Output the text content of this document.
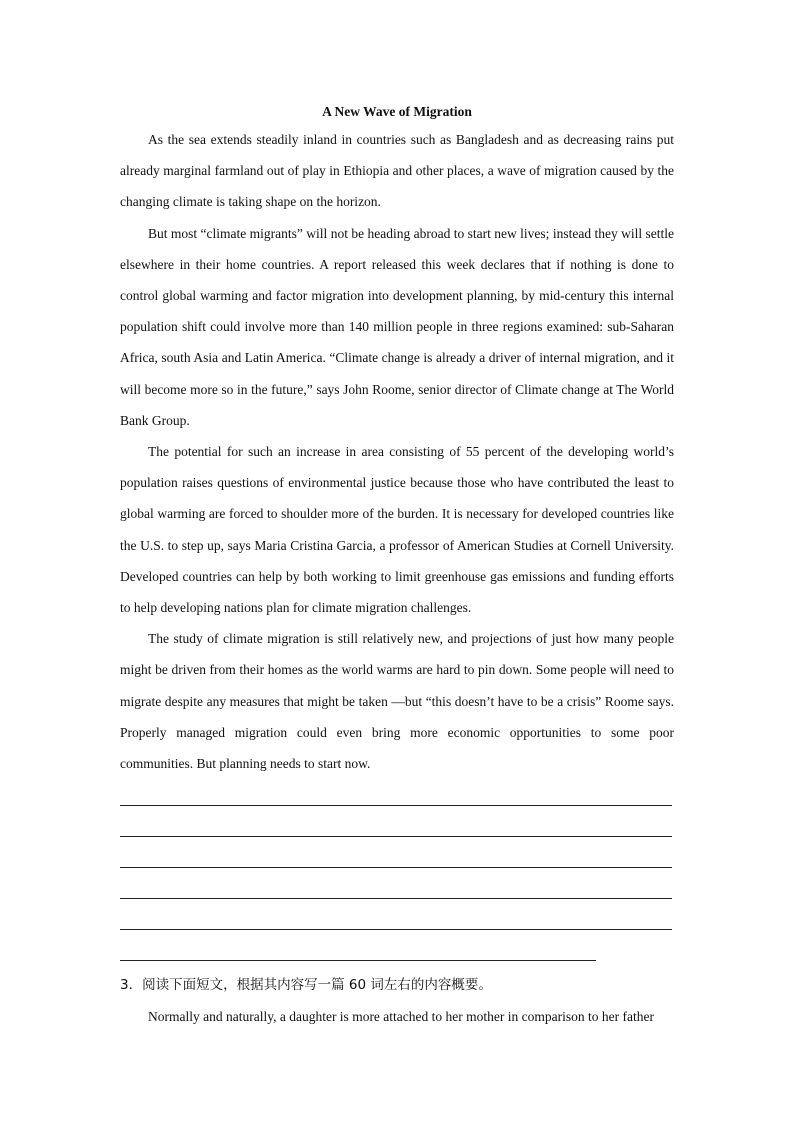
A New Wave of Migration

As the sea extends steadily inland in countries such as Bangladesh and as decreasing rains put already marginal farmland out of play in Ethiopia and other places, a wave of migration caused by the changing climate is taking shape on the horizon.

But most “climate migrants” will not be heading abroad to start new lives; instead they will settle elsewhere in their home countries. A report released this week declares that if nothing is done to control global warming and factor migration into development planning, by mid-century this internal population shift could involve more than 140 million people in three regions examined: sub-Saharan Africa, south Asia and Latin America. “Climate change is already a driver of internal migration, and it will become more so in the future,” says John Roome, senior director of Climate change at The World Bank Group.

The potential for such an increase in area consisting of 55 percent of the developing world’s population raises questions of environmental justice because those who have contributed the least to global warming are forced to shoulder more of the burden. It is necessary for developed countries like the U.S. to step up, says Maria Cristina Garcia, a professor of American Studies at Cornell University. Developed countries can help by both working to limit greenhouse gas emissions and funding efforts to help developing nations plan for climate migration challenges.

The study of climate migration is still relatively new, and projections of just how many people might be driven from their homes as the world warms are hard to pin down. Some people will need to migrate despite any measures that might be taken —but “this doesn’t have to be a crisis” Roome says. Properly managed migration could even bring more economic opportunities to some poor communities. But planning needs to start now.

3．阅读下面短文，根据其内容写一篇 60 词左右的内容概要。
Normally and naturally, a daughter is more attached to her mother in comparison to her father
